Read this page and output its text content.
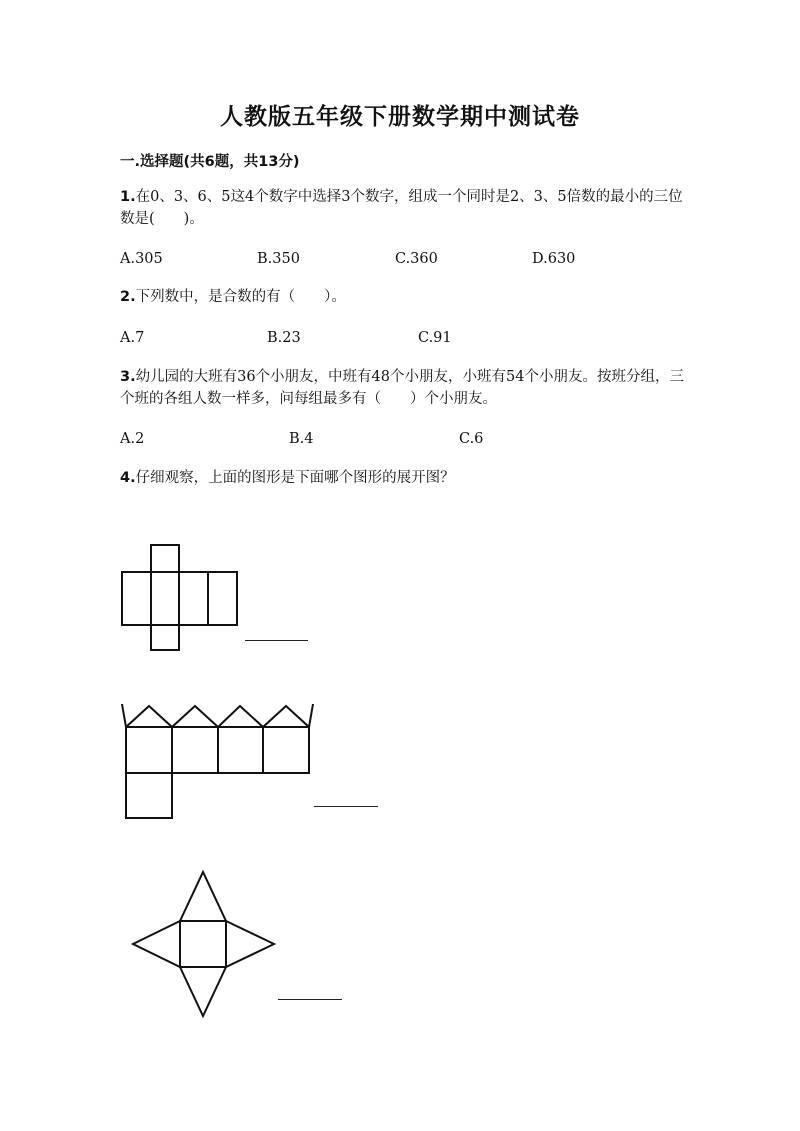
人教版五年级下册数学期中测试卷
一.选择题(共6题，共13分)
1.在0、3、6、5这4个数字中选择3个数字，组成一个同时是2、3、5倍数的最小的三位数是(　　)。
A.305	B.350	C.360	D.630
2.下列数中，是合数的有（　　）。
A.7	B.23	C.91
3.幼儿园的大班有36个小朋友，中班有48个小朋友，小班有54个小朋友。按班分组，三个班的各组人数一样多，问每组最多有（　　）个小朋友。
A.2	B.4	C.6
4.仔细观察，上面的图形是下面哪个图形的展开图？
